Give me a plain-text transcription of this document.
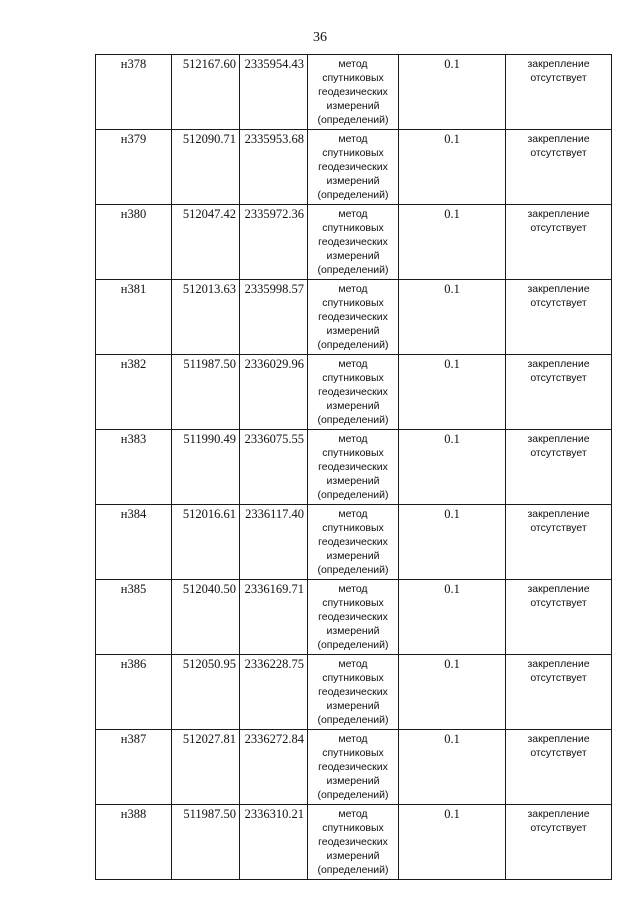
36
н378	512167.60	2335954.43	метод
спутниковых
геодезических
измерений
(определений)	0.1	закрепление
отсутствует

н379	512090.71	2335953.68	метод
спутниковых
геодезических
измерений
(определений)	0.1	закрепление
отсутствует

н380	512047.42	2335972.36	метод
спутниковых
геодезических
измерений
(определений)	0.1	закрепление
отсутствует

н381	512013.63	2335998.57	метод
спутниковых
геодезических
измерений
(определений)	0.1	закрепление
отсутствует

н382	511987.50	2336029.96	метод
спутниковых
геодезических
измерений
(определений)	0.1	закрепление
отсутствует

н383	511990.49	2336075.55	метод
спутниковых
геодезических
измерений
(определений)	0.1	закрепление
отсутствует

н384	512016.61	2336117.40	метод
спутниковых
геодезических
измерений
(определений)	0.1	закрепление
отсутствует

н385	512040.50	2336169.71	метод
спутниковых
геодезических
измерений
(определений)	0.1	закрепление
отсутствует

н386	512050.95	2336228.75	метод
спутниковых
геодезических
измерений
(определений)	0.1	закрепление
отсутствует

н387	512027.81	2336272.84	метод
спутниковых
геодезических
измерений
(определений)	0.1	закрепление
отсутствует

н388	511987.50	2336310.21	метод
спутниковых
геодезических
измерений
(определений)	0.1	закрепление
отсутствует
